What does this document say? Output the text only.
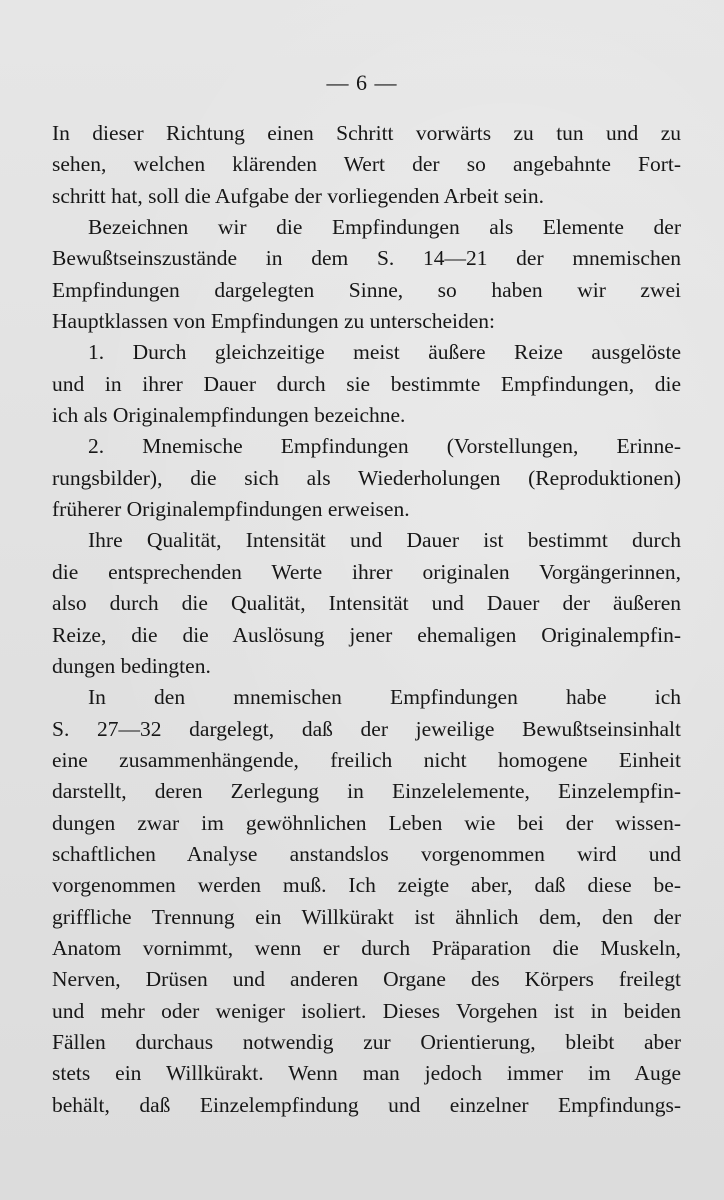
— 6 —
In dieser Richtung einen Schritt vorwärts zu tun und zu
sehen, welchen klärenden Wert der so angebahnte Fort-
schritt hat, soll die Aufgabe der vorliegenden Arbeit sein.
Bezeichnen wir die Empfindungen als Elemente der
Bewußtseinszustände in dem S. 14—21 der mnemischen
Empfindungen dargelegten Sinne, so haben wir zwei
Hauptklassen von Empfindungen zu unterscheiden:
1. Durch gleichzeitige meist äußere Reize ausgelöste
und in ihrer Dauer durch sie bestimmte Empfindungen, die
ich als Originalempfindungen bezeichne.
2. Mnemische Empfindungen (Vorstellungen, Erinne-
rungsbilder), die sich als Wiederholungen (Reproduktionen)
früherer Originalempfindungen erweisen.
Ihre Qualität, Intensität und Dauer ist bestimmt durch
die entsprechenden Werte ihrer originalen Vorgängerinnen,
also durch die Qualität, Intensität und Dauer der äußeren
Reize, die die Auslösung jener ehemaligen Originalempfin-
dungen bedingten.
In den mnemischen Empfindungen habe ich
S. 27—32 dargelegt, daß der jeweilige Bewußtseinsinhalt
eine zusammenhängende, freilich nicht homogene Einheit
darstellt, deren Zerlegung in Einzelelemente, Einzelempfin-
dungen zwar im gewöhnlichen Leben wie bei der wissen-
schaftlichen Analyse anstandslos vorgenommen wird und
vorgenommen werden muß. Ich zeigte aber, daß diese be-
griffliche Trennung ein Willkürakt ist ähnlich dem, den der
Anatom vornimmt, wenn er durch Präparation die Muskeln,
Nerven, Drüsen und anderen Organe des Körpers freilegt
und mehr oder weniger isoliert. Dieses Vorgehen ist in beiden
Fällen durchaus notwendig zur Orientierung, bleibt aber
stets ein Willkürakt. Wenn man jedoch immer im Auge
behält, daß Einzelempfindung und einzelner Empfindungs-
